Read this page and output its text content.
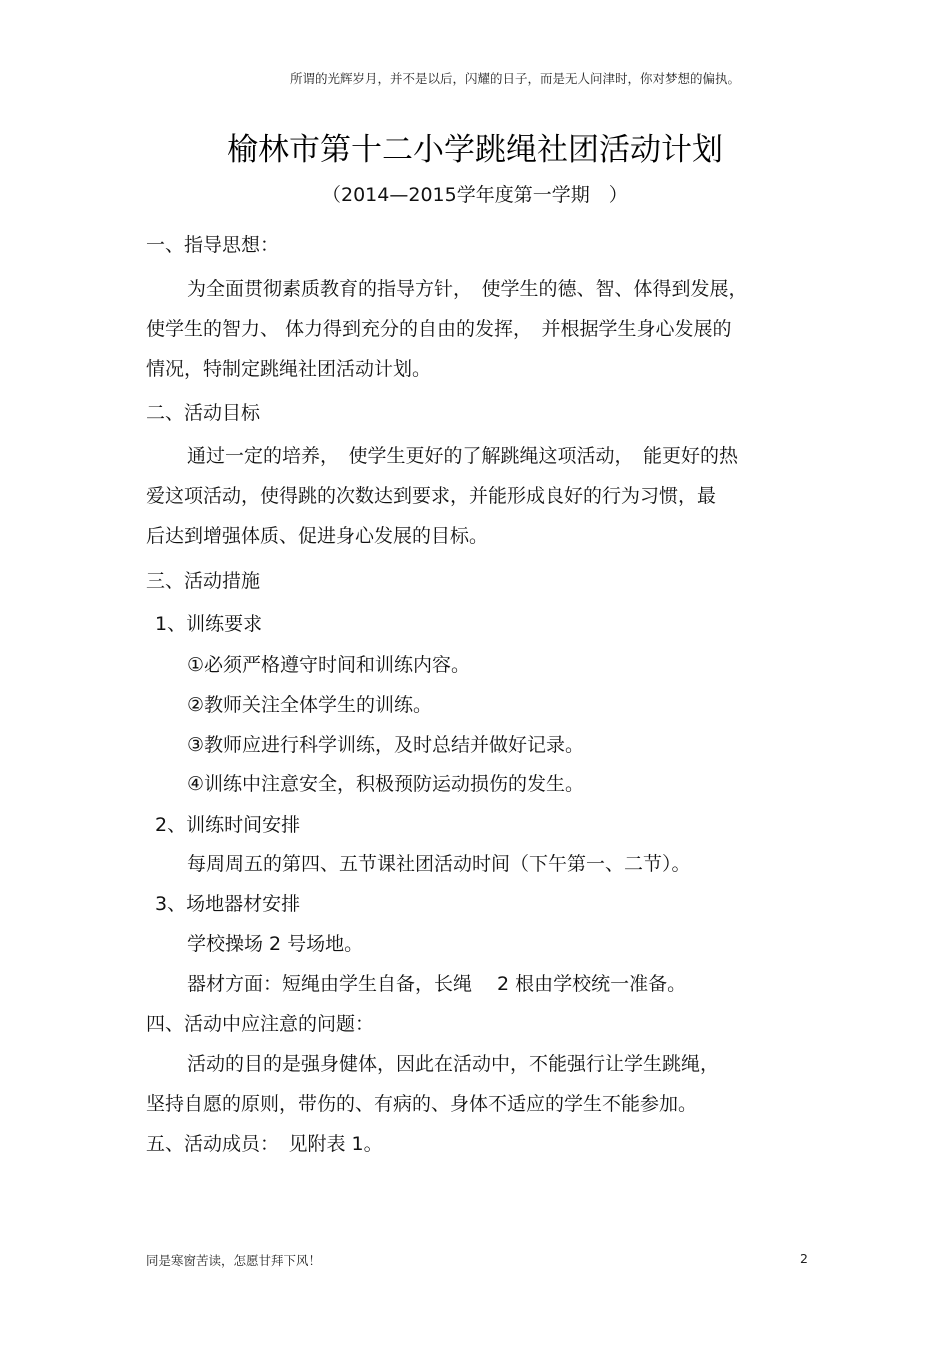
所谓的光辉岁月，并不是以后，闪耀的日子，而是无人问津时，你对梦想的偏执。
榆林市第十二小学跳绳社团活动计划
（2014—2015学年度第一学期　）
一、指导思想：
为全面贯彻素质教育的指导方针，　使学生的德、智、体得到发展，
使学生的智力、 体力得到充分的自由的发挥，　并根据学生身心发展的
情况，特制定跳绳社团活动计划。
二、活动目标
通过一定的培养，　使学生更好的了解跳绳这项活动，　能更好的热
爱这项活动，使得跳的次数达到要求，并能形成良好的行为习惯，最
后达到增强体质、促进身心发展的目标。
三、活动措施
1、训练要求
①必须严格遵守时间和训练内容。
②教师关注全体学生的训练。
③教师应进行科学训练，及时总结并做好记录。
④训练中注意安全，积极预防运动损伤的发生。
2、训练时间安排
每周周五的第四、五节课社团活动时间（下午第一、二节）。
3、场地器材安排
学校操场 2 号场地。
器材方面：短绳由学生自备，长绳　 2 根由学校统一准备。
四、活动中应注意的问题：
活动的目的是强身健体，因此在活动中，不能强行让学生跳绳，
坚持自愿的原则，带伤的、有病的、身体不适应的学生不能参加。
五、活动成员：　见附表 1。
同是寒窗苦读，怎愿甘拜下风！	2
